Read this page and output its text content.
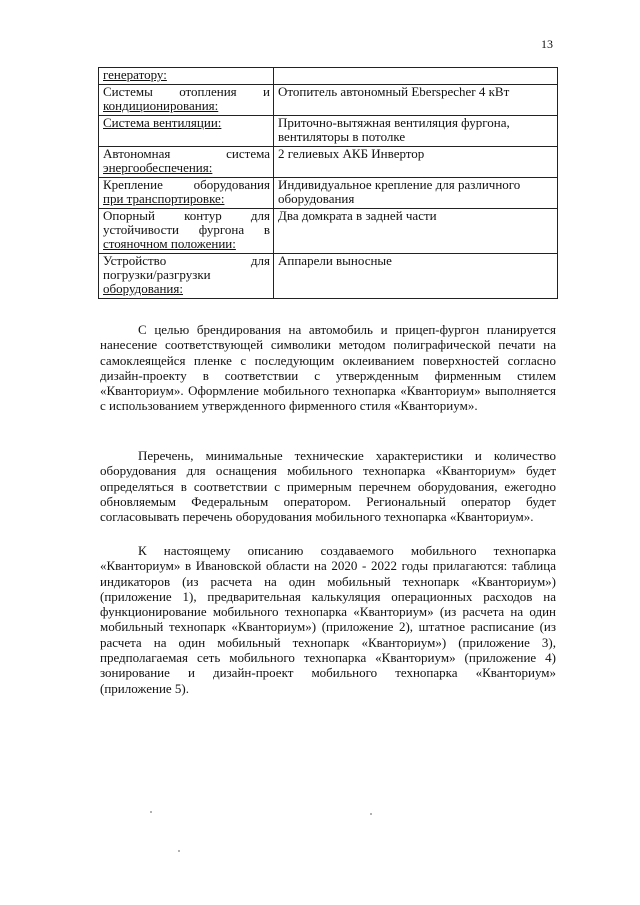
13
генератору:	

Системы отопления и
кондиционирования:	Отопитель автономный Eberspecher 4 кВт

Система вентиляции:	Приточно-вытяжная вентиляция фургона, вентиляторы в потолке

Автономная система
энергообеспечения:	2 гелиевых АКБ Инвертор

Крепление оборудования
при транспортировке:	Индивидуальное крепление для различного оборудования

Опорный контур для
устойчивости фургона в
стояночном положении:	Два домкрата в задней части

Устройство для
погрузки/разгрузки
оборудования:	Аппарели выносные

С целью брендирования на автомобиль и прицеп-фургон планируется нанесение соответствующей символики методом полиграфической печати на самоклеящейся пленке с последующим оклеиванием поверхностей согласно дизайн-проекту в соответствии с утвержденным фирменным стилем «Кванториум». Оформление мобильного технопарка «Кванториум» выполняется с использованием утвержденного фирменного стиля «Кванториум».

Перечень, минимальные технические характеристики и количество оборудования для оснащения мобильного технопарка «Кванториум» будет определяться в соответствии с примерным перечнем оборудования, ежегодно обновляемым Федеральным оператором. Региональный оператор будет согласовывать перечень оборудования мобильного технопарка «Кванториум».

К настоящему описанию создаваемого мобильного технопарка «Кванториум» в Ивановской области на 2020 - 2022 годы прилагаются: таблица индикаторов (из расчета на один мобильный технопарк «Кванториум») (приложение 1), предварительная калькуляция операционных расходов на функционирование мобильного технопарка «Кванториум» (из расчета на один мобильный технопарк «Кванториум») (приложение 2), штатное расписание (из расчета на один мобильный технопарк «Кванториум») (приложение 3), предполагаемая сеть мобильного технопарка «Кванториум» (приложение 4) зонирование и дизайн-проект мобильного технопарка «Кванториум» (приложение 5).
